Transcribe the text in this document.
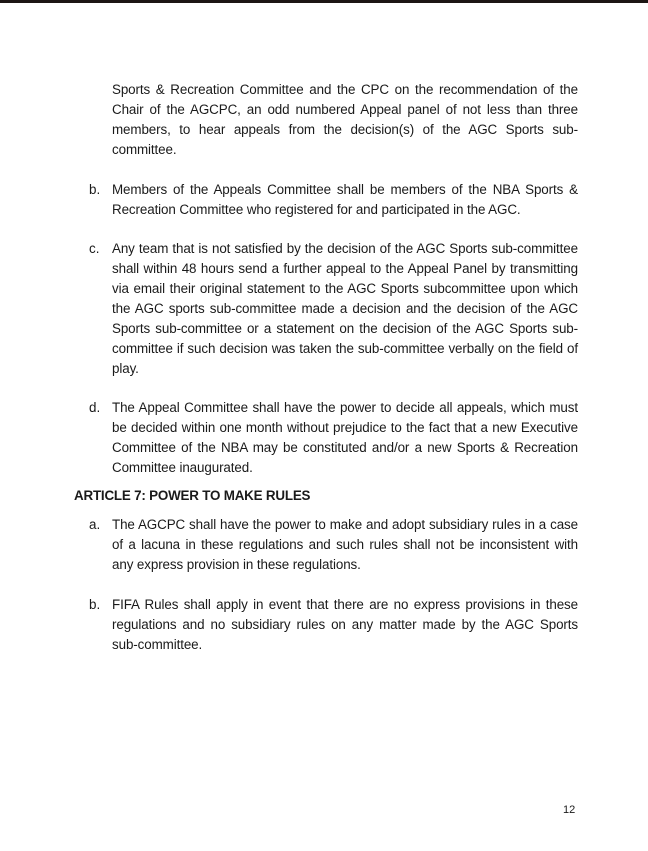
Sports & Recreation Committee and the CPC on the recommendation of the Chair of the AGCPC, an odd numbered Appeal panel of not less than three members, to hear appeals from the decision(s) of the AGC Sports sub-committee.
b. Members of the Appeals Committee shall be members of the NBA Sports & Recreation Committee who registered for and participated in the AGC.
c. Any team that is not satisfied by the decision of the AGC Sports sub-committee shall within 48 hours send a further appeal to the Appeal Panel by transmitting via email their original statement to the AGC Sports subcommittee upon which the AGC sports sub-committee made a decision and the decision of the AGC Sports sub-committee or a statement on the decision of the AGC Sports sub-committee if such decision was taken the sub-committee verbally on the field of play.
d. The Appeal Committee shall have the power to decide all appeals, which must be decided within one month without prejudice to the fact that a new Executive Committee of the NBA may be constituted and/or a new Sports & Recreation Committee inaugurated.
ARTICLE 7: POWER TO MAKE RULES
a. The AGCPC shall have the power to make and adopt subsidiary rules in a case of a lacuna in these regulations and such rules shall not be inconsistent with any express provision in these regulations.
b. FIFA Rules shall apply in event that there are no express provisions in these regulations and no subsidiary rules on any matter made by the AGC Sports sub-committee.
12
